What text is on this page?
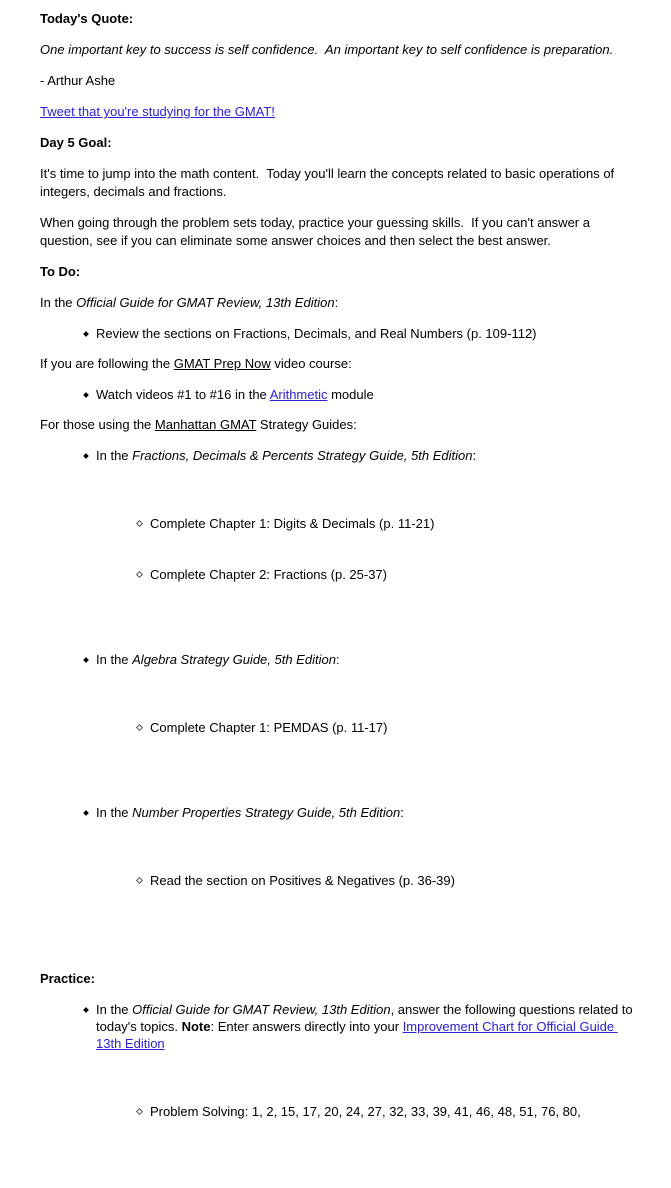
Today's Quote:

One important key to success is self confidence.  An important key to self confidence is preparation.

- Arthur Ashe

Tweet that you're studying for the GMAT!

Day 5 Goal:

It's time to jump into the math content.  Today you'll learn the concepts related to basic operations of integers, decimals and fractions.

When going through the problem sets today, practice your guessing skills.  If you can't answer a question, see if you can eliminate some answer choices and then select the best answer.

To Do:

In the Official Guide for GMAT Review, 13th Edition:

Review the sections on Fractions, Decimals, and Real Numbers (p. 109-112)

If you are following the GMAT Prep Now video course:

Watch videos #1 to #16 in the Arithmetic module

For those using the Manhattan GMAT Strategy Guides:

In the Fractions, Decimals & Percents Strategy Guide, 5th Edition:

Complete Chapter 1: Digits & Decimals (p. 11-21)

Complete Chapter 2: Fractions (p. 25-37)

In the Algebra Strategy Guide, 5th Edition:

Complete Chapter 1: PEMDAS (p. 11-17)

In the Number Properties Strategy Guide, 5th Edition:

Read the section on Positives & Negatives (p. 36-39)

Practice:

In the Official Guide for GMAT Review, 13th Edition, answer the following questions related to today's topics. Note: Enter answers directly into your Improvement Chart for Official Guide 13th Edition

Problem Solving: 1, 2, 15, 17, 20, 24, 27, 32, 33, 39, 41, 46, 48, 51, 76, 80,
